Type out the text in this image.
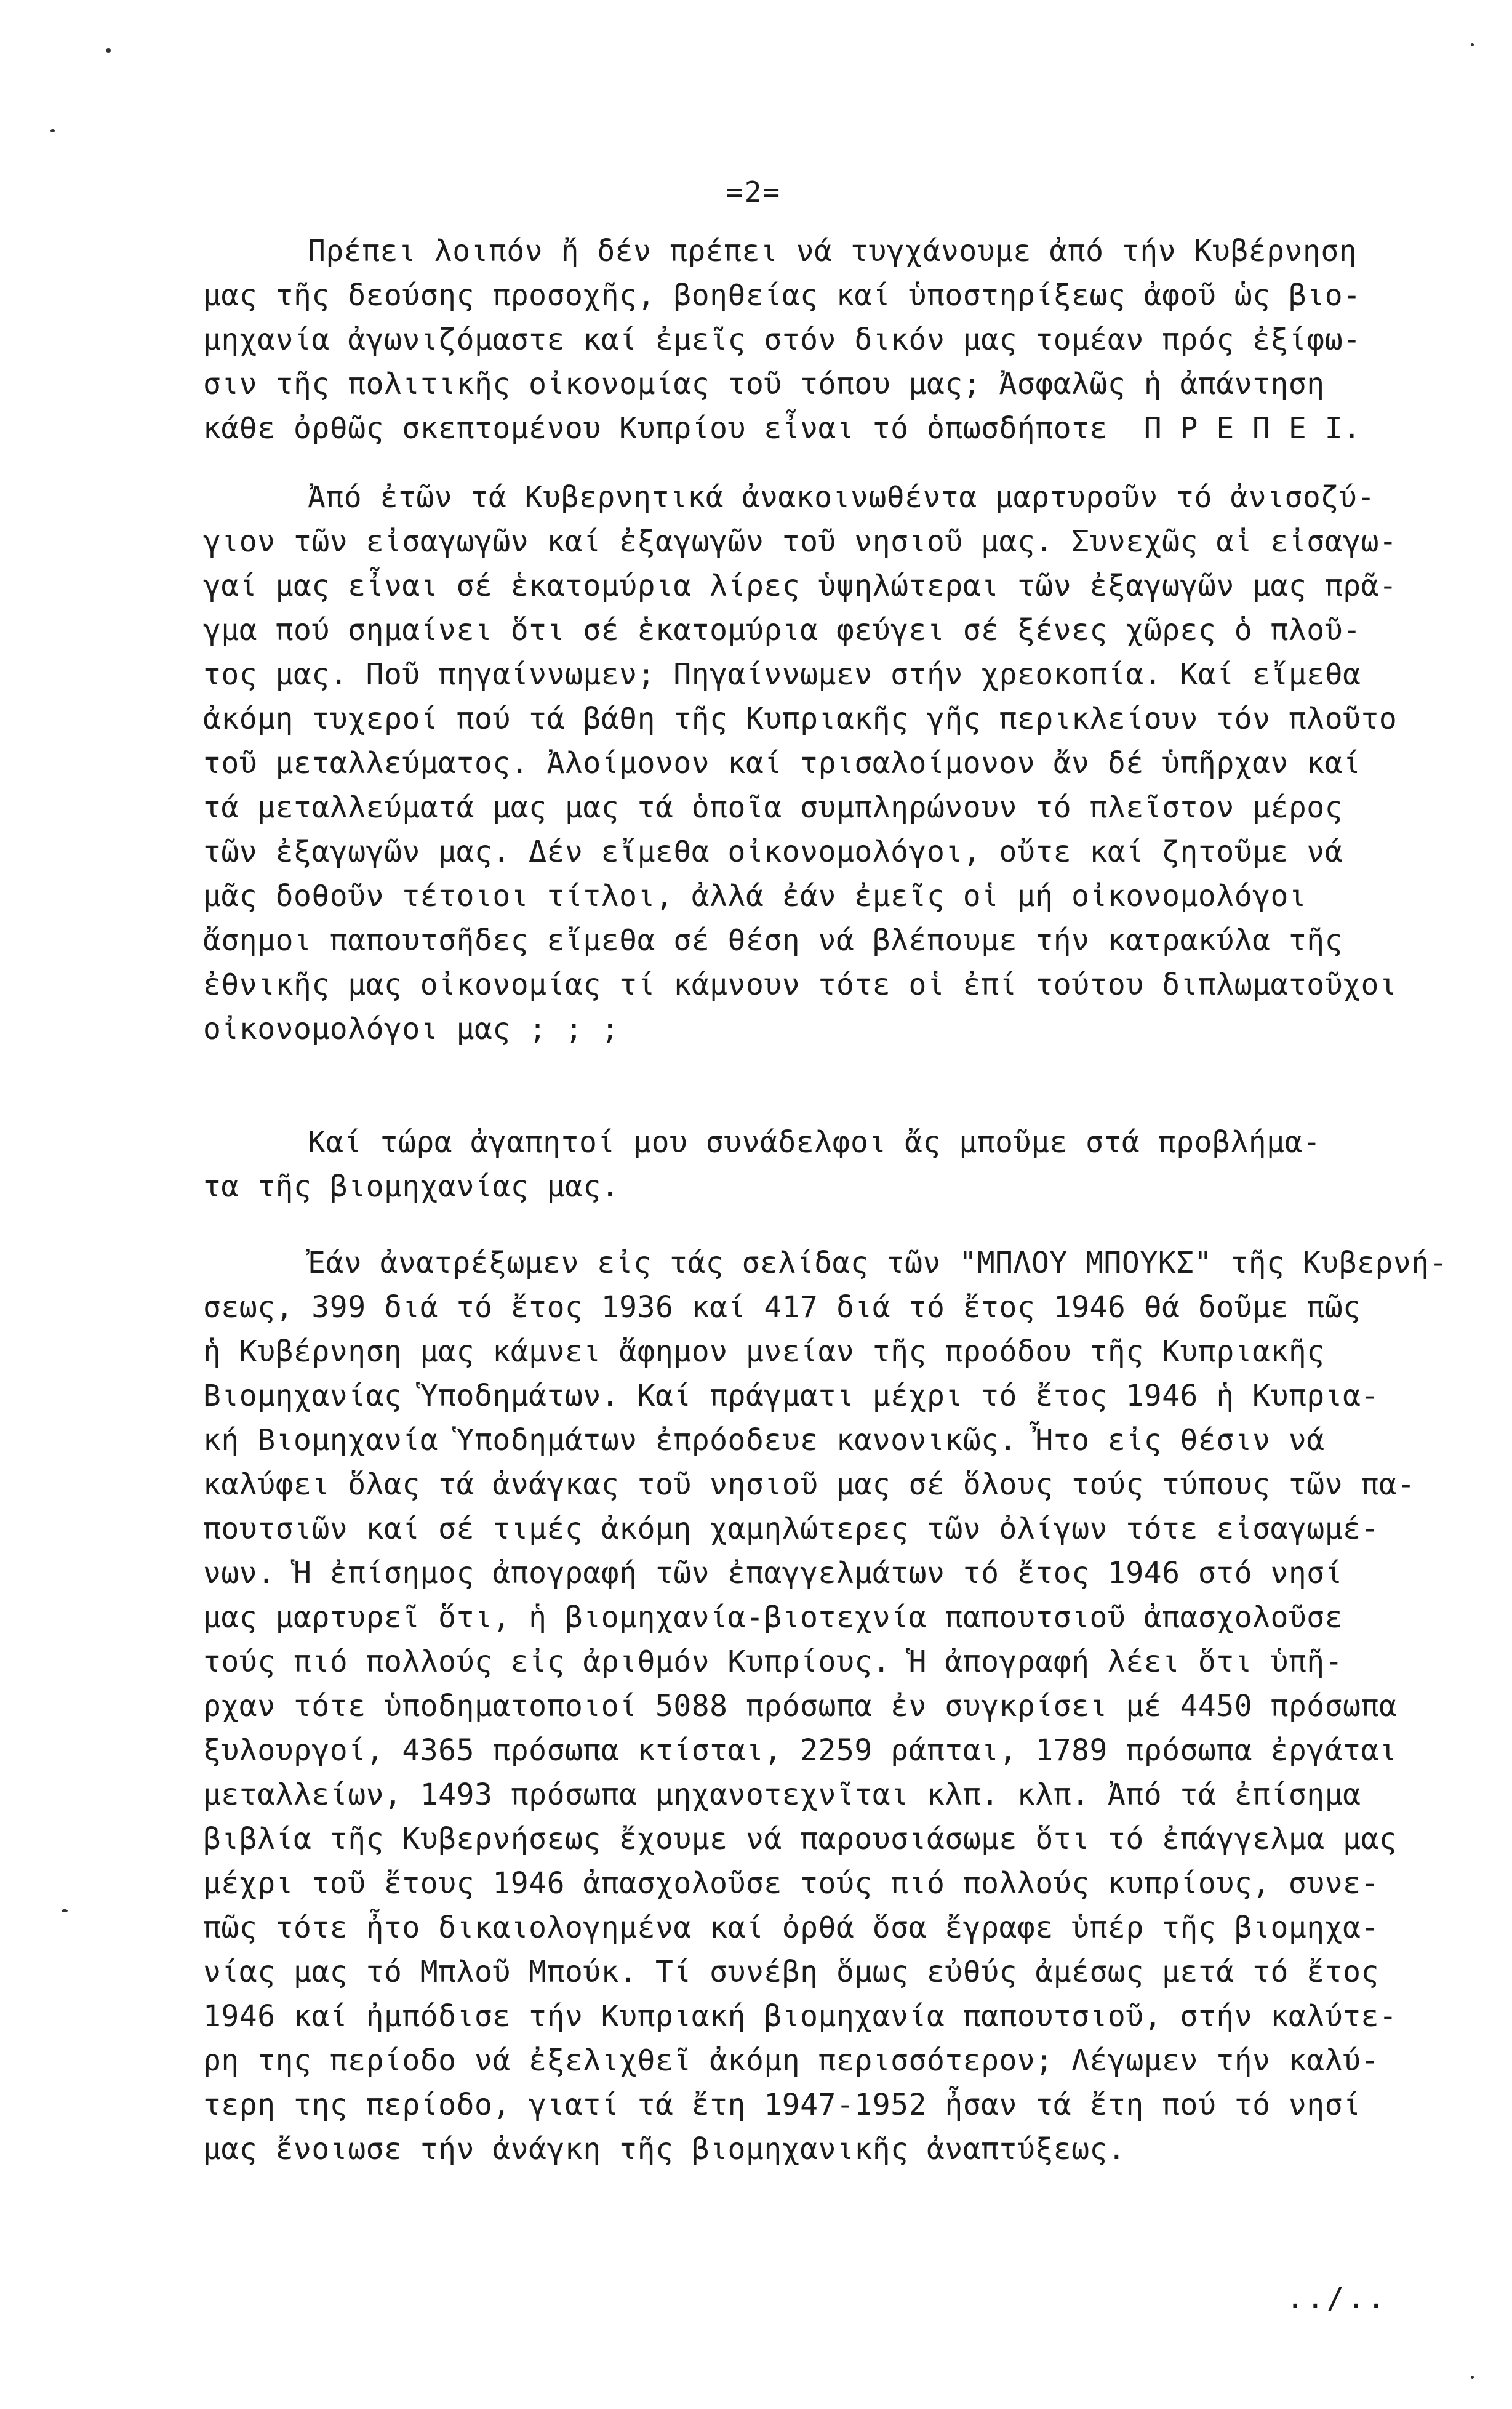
=2=
Πρέπει λοιπόν ἤ δέν πρέπει νά τυγχάνουμε ἀπό τήν Κυβέρνηση
μας τῆς δεούσης προσοχῆς, βοηθείας καί ὑποστηρίξεως ἀφοῦ ὡς βιο-
μηχανία ἀγωνιζόμαστε καί ἐμεῖς στόν δικόν μας τομέαν πρός ἐξίφω-
σιν τῆς πολιτικῆς οἰκονομίας τοῦ τόπου μας; Ἀσφαλῶς ἡ ἀπάντηση
κάθε ὀρθῶς σκεπτομένου Κυπρίου εἶναι τό ὁπωσδήποτε  Π Ρ Ε Π Ε Ι.
Ἀπό ἐτῶν τά Κυβερνητικά ἀνακοινωθέντα μαρτυροῦν τό ἀνισοζύ-
γιον τῶν εἰσαγωγῶν καί ἐξαγωγῶν τοῦ νησιοῦ μας. Συνεχῶς αἱ εἰσαγω-
γαί μας εἶναι σέ ἑκατομύρια λίρες ὑψηλώτεραι τῶν ἐξαγωγῶν μας πρᾶ-
γμα πού σημαίνει ὅτι σέ ἑκατομύρια φεύγει σέ ξένες χῶρες ὁ πλοῦ-
τος μας. Ποῦ πηγαίννωμεν; Πηγαίννωμεν στήν χρεοκοπία. Καί εἴμεθα
ἀκόμη τυχεροί πού τά βάθη τῆς Κυπριακῆς γῆς περικλείουν τόν πλοῦτο
τοῦ μεταλλεύματος. Ἀλοίμονον καί τρισαλοίμονον ἄν δέ ὑπῆρχαν καί
τά μεταλλεύματά μας μας τά ὁποῖα συμπληρώνουν τό πλεῖστον μέρος
τῶν ἐξαγωγῶν μας. Δέν εἴμεθα οἰκονομολόγοι, οὔτε καί ζητοῦμε νά
μᾶς δοθοῦν τέτοιοι τίτλοι, ἀλλά ἐάν ἐμεῖς οἱ μή οἰκονομολόγοι
ἄσημοι παπουτσῆδες εἴμεθα σέ θέση νά βλέπουμε τήν κατρακύλα τῆς
ἐθνικῆς μας οἰκονομίας τί κάμνουν τότε οἱ ἐπί τούτου διπλωματοῦχοι
οἰκονομολόγοι μας ; ; ;
Καί τώρα ἀγαπητοί μου συνάδελφοι ἄς μποῦμε στά προβλήμα-
τα τῆς βιομηχανίας μας.
Ἐάν ἀνατρέξωμεν εἰς τάς σελίδας τῶν "ΜΠΛΟΥ ΜΠΟΥΚΣ" τῆς Κυβερνή-
σεως, 399 διά τό ἔτος 1936 καί 417 διά τό ἔτος 1946 θά δοῦμε πῶς
ἡ Κυβέρνηση μας κάμνει ἄφημον μνείαν τῆς προόδου τῆς Κυπριακῆς
Βιομηχανίας Ὑποδημάτων. Καί πράγματι μέχρι τό ἔτος 1946 ἡ Κυπρια-
κή Βιομηχανία Ὑποδημάτων ἐπρόοδευε κανονικῶς. Ἦτο εἰς θέσιν νά
καλύφει ὅλας τά ἀνάγκας τοῦ νησιοῦ μας σέ ὅλους τούς τύπους τῶν πα-
πουτσιῶν καί σέ τιμές ἀκόμη χαμηλώτερες τῶν ὀλίγων τότε εἰσαγωμέ-
νων. Ἡ ἐπίσημος ἀπογραφή τῶν ἐπαγγελμάτων τό ἔτος 1946 στό νησί
μας μαρτυρεῖ ὅτι, ἡ βιομηχανία-βιοτεχνία παπουτσιοῦ ἀπασχολοῦσε
τούς πιό πολλούς εἰς ἀριθμόν Κυπρίους. Ἡ ἀπογραφή λέει ὅτι ὑπῆ-
ρχαν τότε ὑποδηματοποιοί 5088 πρόσωπα ἐν συγκρίσει μέ 4450 πρόσωπα
ξυλουργοί, 4365 πρόσωπα κτίσται, 2259 ράπται, 1789 πρόσωπα ἐργάται
μεταλλείων, 1493 πρόσωπα μηχανοτεχνῖται κλπ. κλπ. Ἀπό τά ἐπίσημα
βιβλία τῆς Κυβερνήσεως ἔχουμε νά παρουσιάσωμε ὅτι τό ἐπάγγελμα μας
μέχρι τοῦ ἔτους 1946 ἀπασχολοῦσε τούς πιό πολλούς κυπρίους, συνε-
πῶς τότε ἦτο δικαιολογημένα καί ὀρθά ὅσα ἔγραφε ὑπέρ τῆς βιομηχα-
νίας μας τό Μπλοῦ Μπούκ. Τί συνέβη ὅμως εὐθύς ἀμέσως μετά τό ἔτος
1946 καί ἠμπόδισε τήν Κυπριακή βιομηχανία παπουτσιοῦ, στήν καλύτε-
ρη της περίοδο νά ἐξελιχθεῖ ἀκόμη περισσότερον; Λέγωμεν τήν καλύ-
τερη της περίοδο, γιατί τά ἔτη 1947-1952 ἦσαν τά ἔτη πού τό νησί
μας ἔνοιωσε τήν ἀνάγκη τῆς βιομηχανικῆς ἀναπτύξεως.
../..
